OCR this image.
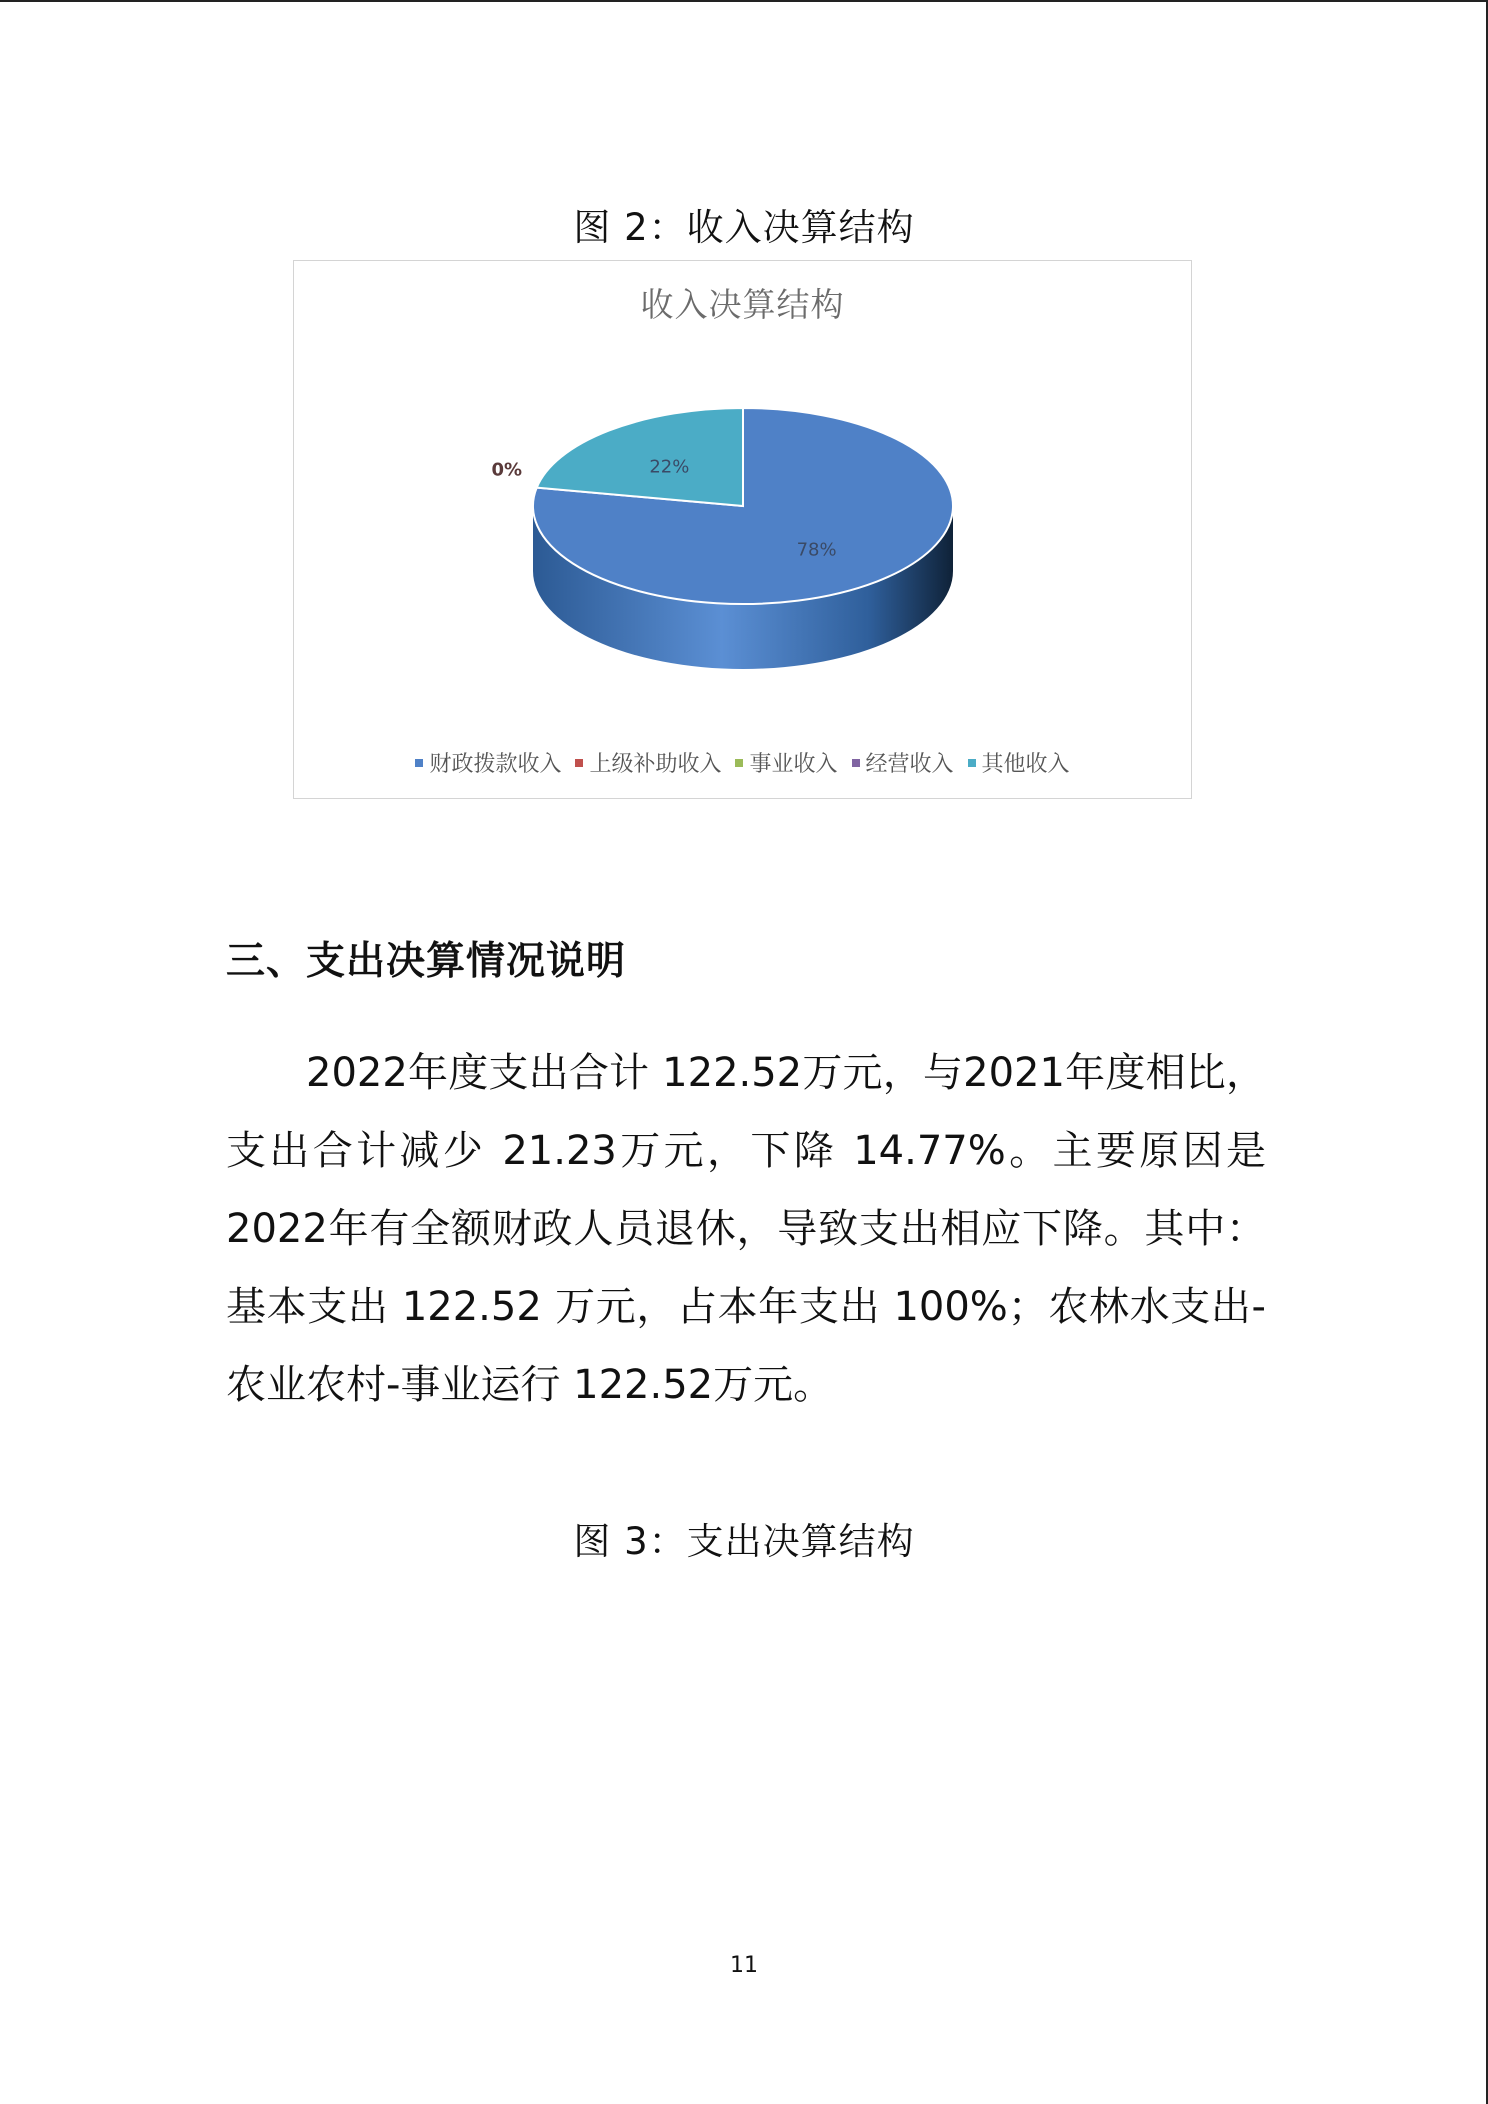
图 2：收入决算结构
收入决算结构
78%
0%	22%
财政拨款收入 上级补助收入 事业收入 经营收入 其他收入
三、支出决算情况说明
2022年度支出合计 122.52万元，与2021年度相比，支出合计减少 21.23万元，下降 14.77%。主要原因是2022年有全额财政人员退休，导致支出相应下降。其中：基本支出 122.52 万元，占本年支出 100%；农林水支出-农业农村-事业运行 122.52万元。
图 3：支出决算结构
11
